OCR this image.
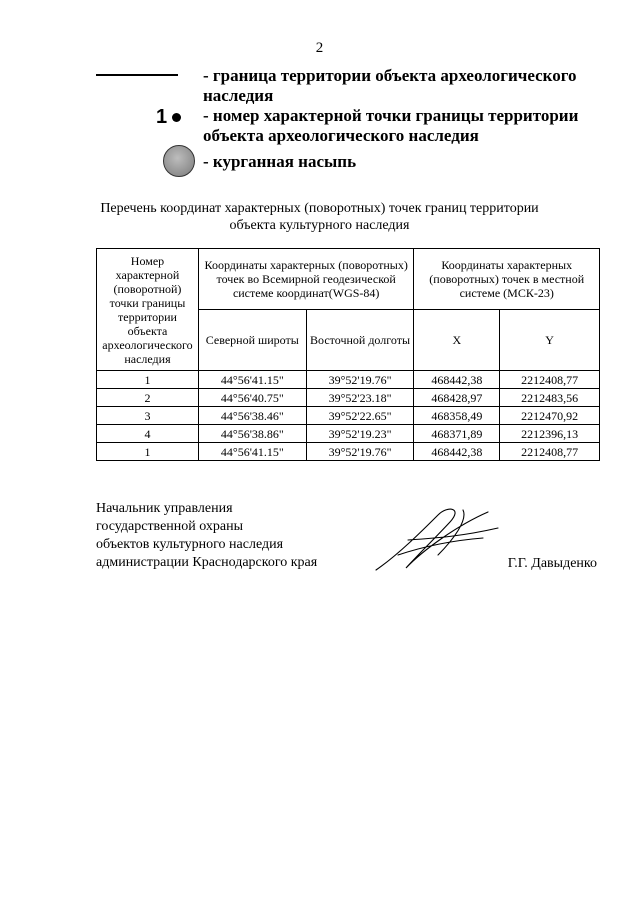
2
- граница территории объекта археологического наследия
1 - номер характерной точки границы территории объекта археологического наследия
- курганная насыпь
Перечень координат характерных (поворотных) точек границ территории объекта культурного наследия
Номер характерной (поворотной) точки границы территории объекта археологического наследия	Координаты характерных (поворотных) точек во Всемирной геодезической системе координат(WGS-84)		Координаты характерных (поворотных) точек в местной системе (МСК-23)	
	Северной широты	Восточной долготы	X	Y
1	44°56'41.15"	39°52'19.76"	468442,38	2212408,77
2	44°56'40.75"	39°52'23.18"	468428,97	2212483,56
3	44°56'38.46"	39°52'22.65"	468358,49	2212470,92
4	44°56'38.86"	39°52'19.23"	468371,89	2212396,13
1	44°56'41.15"	39°52'19.76"	468442,38	2212408,77
Начальник управления
государственной охраны
объектов культурного наследия
администрации Краснодарского края	Г.Г. Давыденко
